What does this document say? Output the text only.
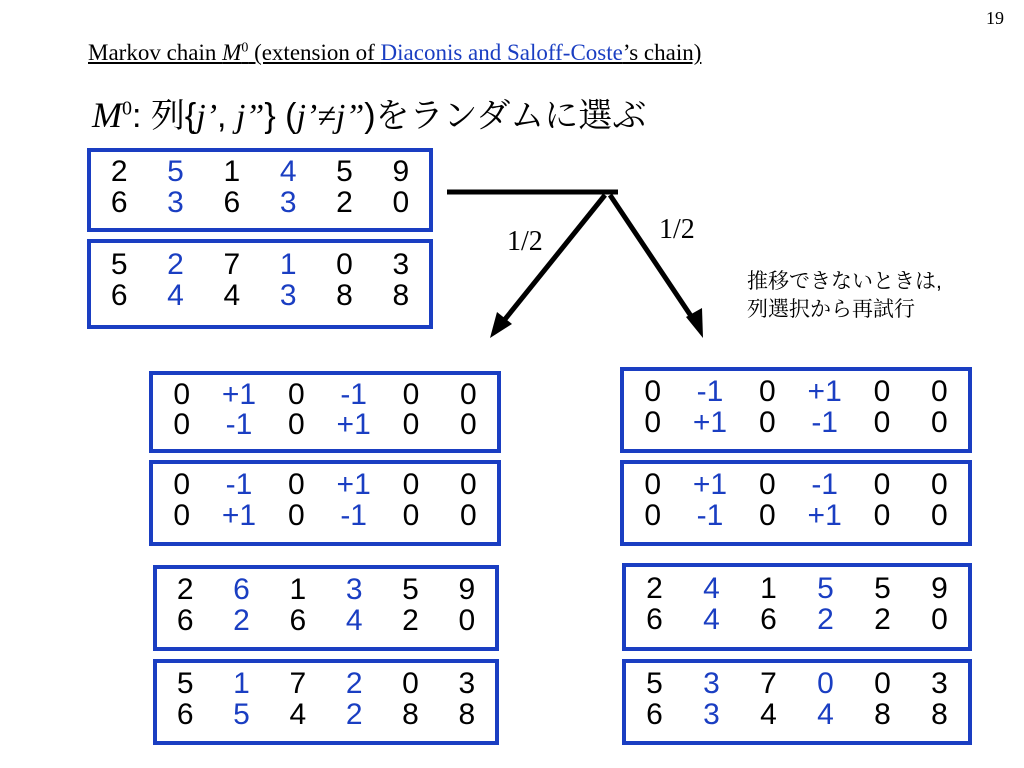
19
Markov chain $M^0$ (extension of Diaconis and Saloff-Coste’s chain)
$M^0$: 列{j’, j”} (j’≠j”)をランダムに選ぶ
1/2	1/2
推移できないときは,
列選択から再試行
2	5	1	4	5	9
6	3	6	3	2	0
5	2	7	1	0	3
6	4	4	3	8	8
0	+1	0	-1	0	0
0	-1	0	+1	0	0
0	-1	0	+1	0	0
0	+1	0	-1	0	0
2	6	1	3	5	9
6	2	6	4	2	0
5	1	7	2	0	3
6	5	4	2	8	8
0	-1	0	+1	0	0
0	+1	0	-1	0	0
0	+1	0	-1	0	0
0	-1	0	+1	0	0
2	4	1	5	5	9
6	4	6	2	2	0
5	3	7	0	0	3
6	3	4	4	8	8
